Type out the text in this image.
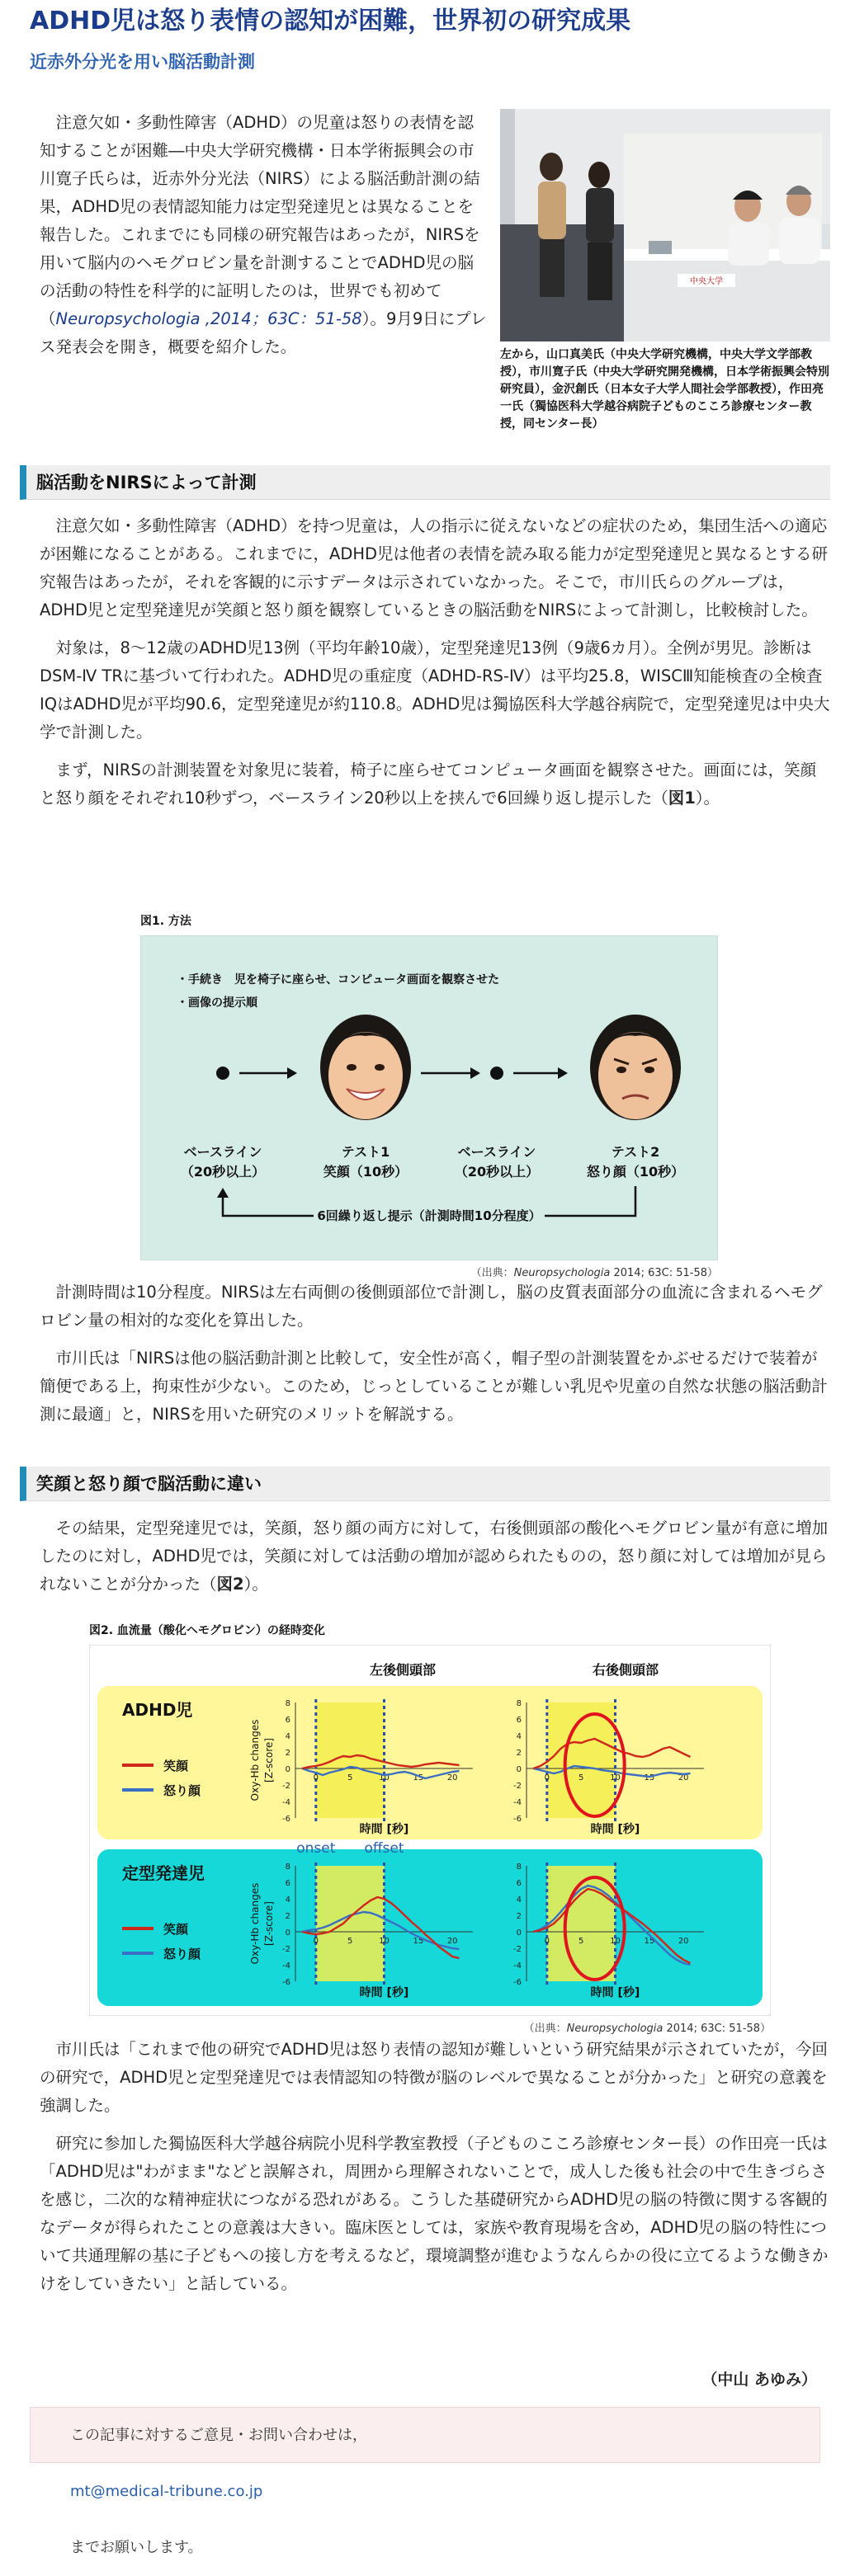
ADHD児は怒り表情の認知が困難，世界初の研究成果
近赤外分光を用い脳活動計測

注意欠如・多動性障害（ADHD）の児童は怒りの表情を認知することが困難―中央大学研究機構・日本学術振興会の市川寛子氏らは，近赤外分光法（NIRS）による脳活動計測の結果，ADHD児の表情認知能力は定型発達児とは異なることを報告した。これまでにも同様の研究報告はあったが，NIRSを用いて脳内のヘモグロビン量を計測することでADHD児の脳の活動の特性を科学的に証明したのは，世界でも初めて（Neuropsychologia ,2014；63C：51-58）。9月9日にプレス発表会を開き，概要を紹介した。

中央大学

左から，山口真美氏（中央大学研究機構，中央大学文学部教授），市川寛子氏（中央大学研究開発機構，日本学術振興会特別研究員），金沢創氏（日本女子大学人間社会学部教授），作田亮一氏（獨協医科大学越谷病院子どものこころ診療センター教授，同センター長）

脳活動をNIRSによって計測

注意欠如・多動性障害（ADHD）を持つ児童は，人の指示に従えないなどの症状のため，集団生活への適応が困難になることがある。これまでに，ADHD児は他者の表情を読み取る能力が定型発達児と異なるとする研究報告はあったが，それを客観的に示すデータは示されていなかった。そこで，市川氏らのグループは，ADHD児と定型発達児が笑顔と怒り顔を観察しているときの脳活動をNIRSによって計測し，比較検討した。

対象は，8～12歳のADHD児13例（平均年齢10歳），定型発達児13例（9歳6カ月）。全例が男児。診断はDSM-Ⅳ TRに基づいて行われた。ADHD児の重症度（ADHD-RS-Ⅳ）は平均25.8，WISCⅢ知能検査の全検査IQはADHD児が平均90.6，定型発達児が約110.8。ADHD児は獨協医科大学越谷病院で，定型発達児は中央大学で計測した。

まず，NIRSの計測装置を対象児に装着，椅子に座らせてコンピュータ画面を観察させた。画面には，笑顔と怒り顔をそれぞれ10秒ずつ，ベースライン20秒以上を挟んで6回繰り返し提示した（図1）。

図1. 方法
・手続き　児を椅子に座らせ、コンピュータ画面を観察させた
・画像の提示順
ベースライン
（20秒以上）
テスト1
笑顔（10秒）
ベースライン
（20秒以上）
テスト2
怒り顔（10秒）
6回繰り返し提示（計測時間10分程度）
（出典：Neuropsychologia 2014; 63C: 51-58）

計測時間は10分程度。NIRSは左右両側の後側頭部位で計測し，脳の皮質表面部分の血流に含まれるヘモグロビン量の相対的な変化を算出した。

市川氏は「NIRSは他の脳活動計測と比較して，安全性が高く，帽子型の計測装置をかぶせるだけで装着が簡便である上，拘束性が少ない。このため，じっとしていることが難しい乳児や児童の自然な状態の脳活動計測に最適」と，NIRSを用いた研究のメリットを解説する。

笑顔と怒り顔で脳活動に違い

その結果，定型発達児では，笑顔，怒り顔の両方に対して，右後側頭部の酸化ヘモグロビン量が有意に増加したのに対し，ADHD児では，笑顔に対しては活動の増加が認められたものの，怒り顔に対しては増加が見られないことが分かった（図2）。

図2. 血流量（酸化ヘモグロビン）の経時変化
左後側頭部	右後側頭部
ADHD児
笑顔
怒り顔
定型発達児
笑顔
怒り顔
8
6
4
2
0
-2
-4
-6
0	5	10	15	20
時間 [秒]
8
6
4
2
0
-2
-4
-6
0	5	10	15	20
時間 [秒]
8
6
4
2
0
-2
-4
-6
0	5	10	15	20
時間 [秒]
8
6
4
2
0
-2
-4
-6
0	5	10	15	20
時間 [秒]
Oxy-Hb changes [Z-score]
Oxy-Hb changes [Z-score]
onset offset
（出典：Neuropsychologia 2014; 63C: 51-58）

市川氏は「これまで他の研究でADHD児は怒り表情の認知が難しいという研究結果が示されていたが，今回の研究で，ADHD児と定型発達児では表情認知の特徴が脳のレベルで異なることが分かった」と研究の意義を強調した。

研究に参加した獨協医科大学越谷病院小児科学教室教授（子どものこころ診療センター長）の作田亮一氏は「ADHD児は"わがまま"などと誤解され，周囲から理解されないことで，成人した後も社会の中で生きづらさを感じ，二次的な精神症状につながる恐れがある。こうした基礎研究からADHD児の脳の特徴に関する客観的なデータが得られたことの意義は大きい。臨床医としては，家族や教育現場を含め，ADHD児の脳の特性について共通理解の基に子どもへの接し方を考えるなど，環境調整が進むようなんらかの役に立てるような働きかけをしていきたい」と話している。

（中山 あゆみ）
この記事に対するご意見・お問い合わせは，
mt@medical-tribune.co.jp
までお願いします。
